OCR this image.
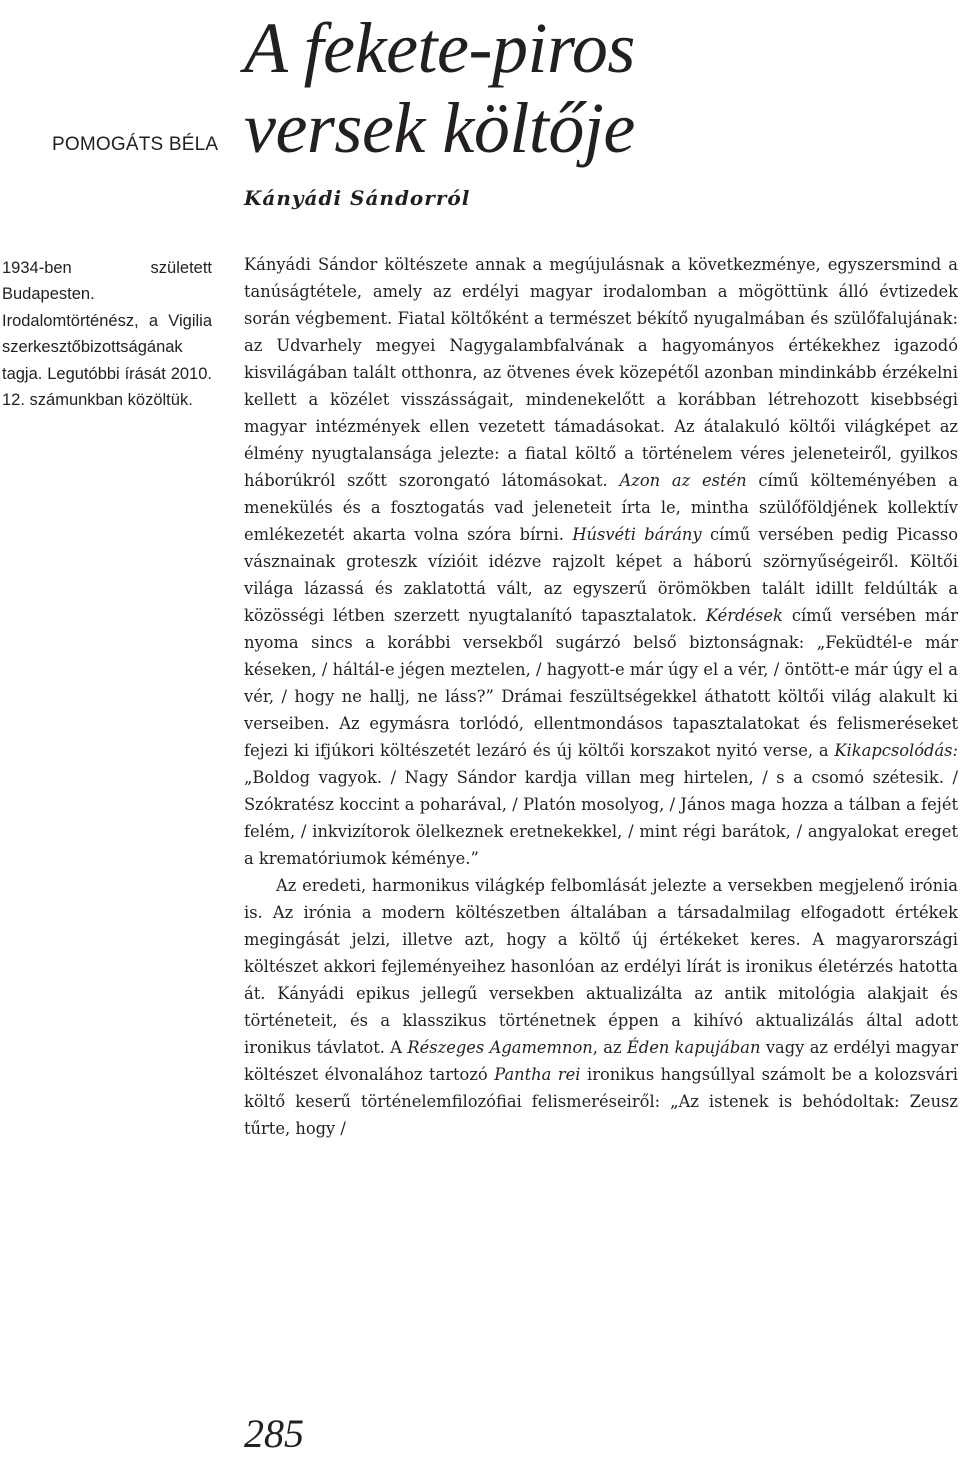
POMOGÁTS BÉLA

A fekete-piros
versek költője
Kányádi Sándorról

1934-ben született Budapesten. Irodalomtörténész, a Vigilia szerkesztőbizottságának tagja. Legutóbbi írását 2010. 12. számunkban közöltük.

Kányádi Sándor költészete annak a megújulásnak a következménye, egyszersmind a tanúságtétele, amely az erdélyi magyar irodalomban a mögöttünk álló évtizedek során végbement. Fiatal költőként a természet békítő nyugalmában és szülőfalujának: az Udvarhely megyei Nagygalambfalvának a hagyományos értékekhez igazodó kisvilágában talált otthonra, az ötvenes évek közepétől azonban mindinkább érzékelni kellett a közélet visszásságait, mindenekelőtt a korábban létrehozott kisebbségi magyar intézmények ellen vezetett támadásokat. Az átalakuló költői világképet az élmény nyugtalansága jelezte: a fiatal költő a történelem véres jeleneteiről, gyilkos háborúkról szőtt szorongató látomásokat. Azon az estén című költeményében a menekülés és a fosztogatás vad jeleneteit írta le, mintha szülőföldjének kollektív emlékezetét akarta volna szóra bírni. Húsvéti bárány című versében pedig Picasso vásznainak groteszk vízióit idézve rajzolt képet a háború szörnyűségeiről. Költői világa lázassá és zaklatottá vált, az egyszerű örömökben talált idillt feldúlták a közösségi létben szerzett nyugtalanító tapasztalatok. Kérdések című versében már nyoma sincs a korábbi versekből sugárzó belső biztonságnak: „Feküdtél-e már késeken, / háltál-e jégen meztelen, / hagyott-e már úgy el a vér, / öntött-e már úgy el a vér, / hogy ne hallj, ne láss?” Drámai feszültségekkel áthatott költői világ alakult ki verseiben. Az egymásra torlódó, ellentmondásos tapasztalatokat és felismeréseket fejezi ki ifjúkori költészetét lezáró és új költői korszakot nyitó verse, a Kikapcsolódás: „Boldog vagyok. / Nagy Sándor kardja villan meg hirtelen, / s a csomó szétesik. / Szókratész koccint a poharával, / Platón mosolyog, / János maga hozza a tálban a fejét felém, / inkvizítorok ölelkeznek eretnekekkel, / mint régi barátok, / angyalokat ereget a krematóriumok kéménye.”

Az eredeti, harmonikus világkép felbomlását jelezte a versekben megjelenő irónia is. Az irónia a modern költészetben általában a társadalmilag elfogadott értékek megingását jelzi, illetve azt, hogy a költő új értékeket keres. A magyarországi költészet akkori fejleményeihez hasonlóan az erdélyi lírát is ironikus életérzés hatotta át. Kányádi epikus jellegű versekben aktualizálta az antik mitológia alakjait és történeteit, és a klasszikus történetnek éppen a kihívó aktualizálás által adott ironikus távlatot. A Részeges Agamemnon, az Éden kapujában vagy az erdélyi magyar költészet élvonalához tartozó Pantha rei ironikus hangsúllyal számolt be a kolozsvári költő keserű történelemfilozófiai felismeréseiről: „Az istenek is behódoltak: Zeusz tűrte, hogy /

285
